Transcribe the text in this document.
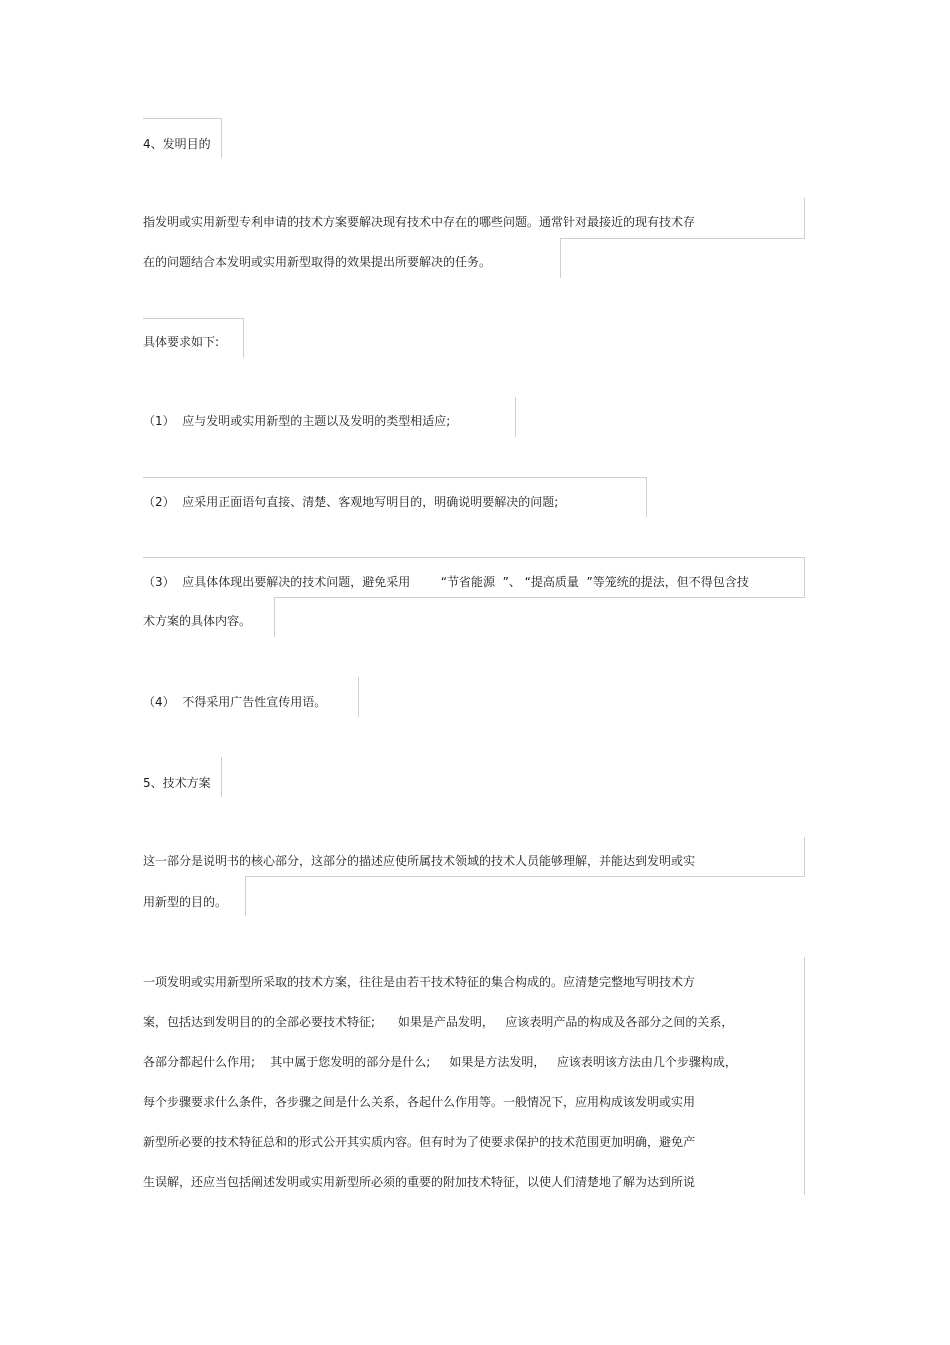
4、发明目的
指发明或实用新型专利申请的技术方案要解决现有技术中存在的哪些问题。通常针对最接近的现有技术存
在的问题结合本发明或实用新型取得的效果提出所要解决的任务。
具体要求如下:
（1）  应与发明或实用新型的主题以及发明的类型相适应;
（2）  应采用正面语句直接、清楚、客观地写明目的，明确说明要解决的问题;
（3）  应具体体现出要解决的技术问题，避免采用        “节省能源  ”、 “提高质量  ”等笼统的提法，但不得包含技
术方案的具体内容。
（4）  不得采用广告性宣传用语。
5、技术方案
这一部分是说明书的核心部分，这部分的描述应使所属技术领域的技术人员能够理解，并能达到发明或实
用新型的目的。
一项发明或实用新型所采取的技术方案，往往是由若干技术特征的集合构成的。应清楚完整地写明技术方
案，包括达到发明目的的全部必要技术特征;      如果是产品发明，   应该表明产品的构成及各部分之间的关系，
各部分都起什么作用;    其中属于您发明的部分是什么;     如果是方法发明，   应该表明该方法由几个步骤构成，
每个步骤要求什么条件，各步骤之间是什么关系，各起什么作用等。一般情况下，应用构成该发明或实用
新型所必要的技术特征总和的形式公开其实质内容。但有时为了使要求保护的技术范围更加明确，避免产
生误解，还应当包括阐述发明或实用新型所必须的重要的附加技术特征，以使人们清楚地了解为达到所说
